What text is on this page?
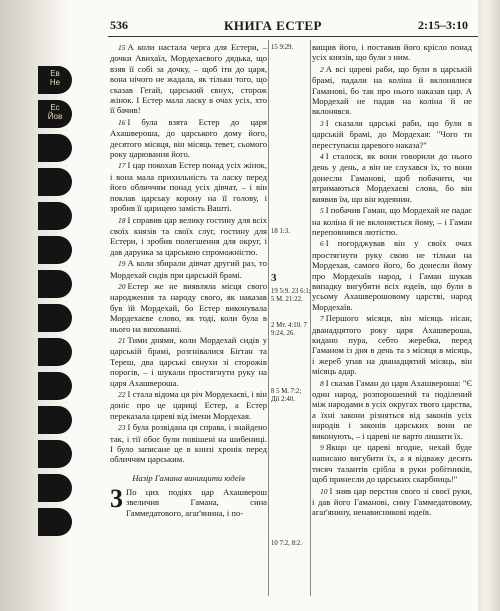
Ев
Не
Ес
Йов
536	КНИГА ЕСТЕР	2:15–3:10

15 А коли настала черга для Естери, – дочки Авихаїл, Мордехаєвого дядька, що взяв її собі за дочку, – щоб іти до царя, вона нічого не жадала, як тільки того, що сказав Гегай, царський євнух, сторож жінок. І Естер мала ласку в очах усіх, хто її бачив!

16 І була взята Естер до царя Ахашвероша, до царського дому його, десятого місяця, він місяць тевет, сьомого року царювання його.

17 І цар покохав Естер понад усіх жінок, і вона мала прихильність та ласку перед його обличчям понад усіх дівчат, – і він поклав царську корону на її голову, і зробив її царицею замість Вашті.

18 І справив цар велику гостину для всіх своїх князів та своїх слуг, гостину для Естери, і зробив полегшення для округ, і дав дарунка за царською спроможністю.

19 А коли збирали дівчат другий раз, то Мордехай сидів при царській брамі.

20 Естер же не виявляла місця свого народження та народу свого, як наказав був їй Мордехай, бо Естер виконувала Мордехаєве слово, як тоді, коли була в нього на вихованні.

21 Тими днями, коли Мордехай сидів у царській брамі, розгнівалися Біґтан та Тереш, два царські євнухи зі сторожів порогів, – і шукали простягнути руку на царя Ахашвероша.

22 І стала відома ця річ Мордехаєві, і він доніс про це цариці Естер, а Естер переказала цареві від імени Мордехая.

23 І була розвідана ця справа, і знайдено так, і тії обоє були повішені на шибениці. І було записане це в книзі хронік перед обличчям царським.

Назір Гамана винищити юдеїв
3 По цих подіях цар Ахашверош звеличив Гамана, сина Гаммедатового, агаґ'янина, і по-
15 9:29.
18 1:3.
3
19 5:9. 23 6:1; 5 М. 21:22.
2 Мт. 4:10. 7 9:24, 26.
8 5 М. 7:2; Дії 2:40.
10 7:2, 8:2.

вищив його, і поставив його крісло понад усіх князів, що були з ним.

2 А всі цареві раби, що були в царській брамі, падали на коліна й вклонялися Гаманові, бо так про нього наказав цар. А Мордехай не падав на коліна й не вклонявся.

3 І сказали царські раби, що були в царській брамі, до Мордехая: "Чого ти переступаєш царевого наказа?"

4 І сталося, як вони говорили до нього день у день, а він не слухався їх, то вони донесли Гаманові, щоб побачити, чи втримаються Мордехаєві слова, бо він виявив їм, що він юдеянин.

5 І побачив Гаман, що Мордехай не падає на коліна й не вклоняється йому, – і Гаман переповнився лютістю.

6 І погорджував він у своїх очах простягнути руку свою не тільки на Мордехая, самого його, бо донесли йому про Мордехаїв народ, і Гаман шукав випадку вигубити всіх юдеїв, що були в усьому Ахашверошовому царстві, народ Мордехаїв.

7 Першого місяця, він місяць нісан, дванадцятого року царя Ахашвероша, кидано пура, себто жеребка, перед Гаманом із дня в день та з місяця в місяць, і жереб упав на дванадцятий місяць, він місяць адар.

8 І сказав Гаман до царя Ахашвероша: "Є один народ, розпорошений та поділений між народами в усіх округах твого царства, а їхні закони різняться від законів усіх народів і законів царських вони не виконують, – і цареві не варто лишати їх.

9 Якщо це цареві вгодне, нехай буде написано вигубити їх, а я відважу десять тисяч талантів срібла в руки робітників, щоб принесли до царських скарбниць!"

10 І зняв цар перстня свого зі своєї руки, і дав його Гаманові, сину Гаммедатовому, агаґ'янину, ненависникові юдеїв.
